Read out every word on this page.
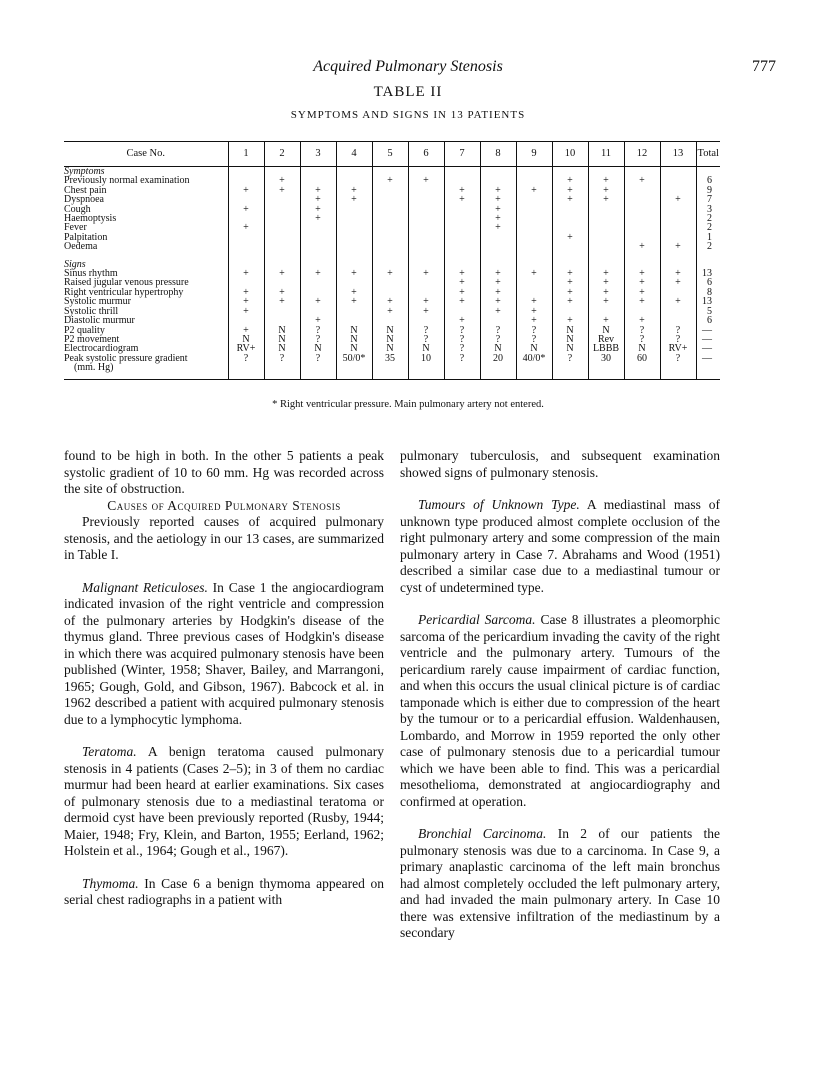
Acquired Pulmonary Stenosis	777
TABLE II
SYMPTOMS AND SIGNS IN 13 PATIENTS
Case No.	1	2	3	4	5	6	7	8	9	10	11	12	13	Total
Symptoms														
Previously normal examination		+			+	+				+	+	+		6
Chest pain	+	+	+	+			+	+	+	+	+			9
Dyspnoea			+	+			+	+		+	+		+	7
Cough	+		+					+						3
Haemoptysis			+					+						2
Fever	+							+						2
Palpitation										+				1
Oedema												+	+	2

Signs														
Sinus rhythm	+	+	+	+	+	+	+	+	+	+	+	+	+	13
Raised jugular venous pressure							+	+		+	+	+	+	6
Right ventricular hypertrophy	+	+		+			+	+		+	+	+		8
Systolic murmur	+	+	+	+	+	+	+	+	+	+	+	+	+	13
Systolic thrill	+				+	+		+	+					5
Diastolic murmur			+				+		+	+	+	+		6
P2 quality	+	N	?	N	N	?	?	?	?	N	N	?	?	—
P2 movement	N	N	?	N	N	?	?	?	?	N	Rev	?	?	—
Electrocardiogram	RV+	N	N	N	N	N	?	N	N	N	LBBB	N	RV+	—
Peak systolic pressure gradient
(mm. Hg)	?	?	?	50/0*	35	10	?	20	40/0*	?	30	60	?	—
* Right ventricular pressure. Main pulmonary artery not entered.

found to be high in both. In the other 5 patients a peak systolic gradient of 10 to 60 mm. Hg was recorded across the site of obstruction.

Causes of Acquired Pulmonary Stenosis

Previously reported causes of acquired pulmonary stenosis, and the aetiology in our 13 cases, are summarized in Table I.

Malignant Reticuloses. In Case 1 the angiocardiogram indicated invasion of the right ventricle and compression of the pulmonary arteries by Hodgkin's disease of the thymus gland. Three previous cases of Hodgkin's disease in which there was acquired pulmonary stenosis have been published (Winter, 1958; Shaver, Bailey, and Marrangoni, 1965; Gough, Gold, and Gibson, 1967). Babcock et al. in 1962 described a patient with acquired pulmonary stenosis due to a lymphocytic lymphoma.

Teratoma. A benign teratoma caused pulmonary stenosis in 4 patients (Cases 2–5); in 3 of them no cardiac murmur had been heard at earlier examinations. Six cases of pulmonary stenosis due to a mediastinal teratoma or dermoid cyst have been previously reported (Rusby, 1944; Maier, 1948; Fry, Klein, and Barton, 1955; Eerland, 1962; Holstein et al., 1964; Gough et al., 1967).

Thymoma. In Case 6 a benign thymoma appeared on serial chest radiographs in a patient with

pulmonary tuberculosis, and subsequent examination showed signs of pulmonary stenosis.

Tumours of Unknown Type. A mediastinal mass of unknown type produced almost complete occlusion of the right pulmonary artery and some compression of the main pulmonary artery in Case 7. Abrahams and Wood (1951) described a similar case due to a mediastinal tumour or cyst of undetermined type.

Pericardial Sarcoma. Case 8 illustrates a pleomorphic sarcoma of the pericardium invading the cavity of the right ventricle and the pulmonary artery. Tumours of the pericardium rarely cause impairment of cardiac function, and when this occurs the usual clinical picture is of cardiac tamponade which is either due to compression of the heart by the tumour or to a pericardial effusion. Waldenhausen, Lombardo, and Morrow in 1959 reported the only other case of pulmonary stenosis due to a pericardial tumour which we have been able to find. This was a pericardial mesothelioma, demonstrated at angiocardiography and confirmed at operation.

Bronchial Carcinoma. In 2 of our patients the pulmonary stenosis was due to a carcinoma. In Case 9, a primary anaplastic carcinoma of the left main bronchus had almost completely occluded the left pulmonary artery, and had invaded the main pulmonary artery. In Case 10 there was extensive infiltration of the mediastinum by a secondary
